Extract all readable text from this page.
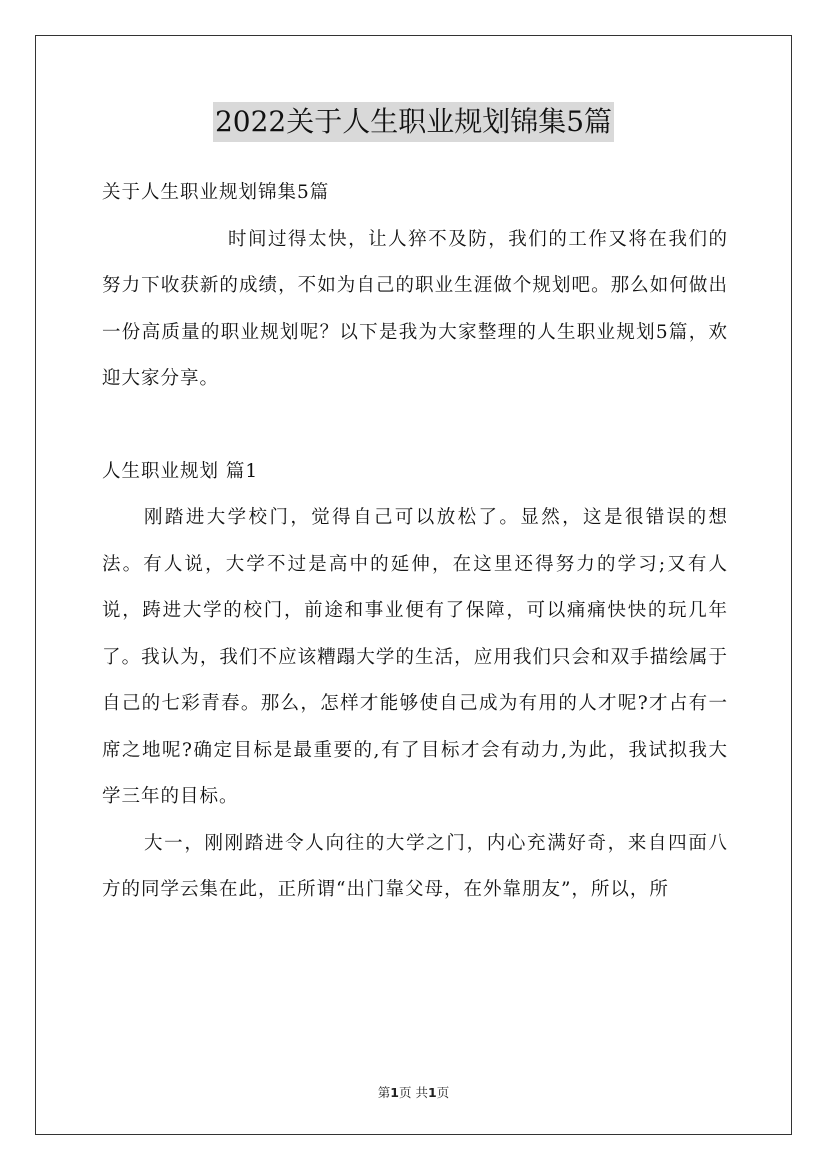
2022关于人生职业规划锦集5篇

关于人生职业规划锦集5篇

时间过得太快，让人猝不及防，我们的工作又将在我们的努力下收获新的成绩，不如为自己的职业生涯做个规划吧。那么如何做出一份高质量的职业规划呢？以下是我为大家整理的人生职业规划5篇，欢迎大家分享。

人生职业规划 篇1

刚踏进大学校门，觉得自己可以放松了。显然，这是很错误的想法。有人说，大学不过是高中的延伸，在这里还得努力的学习;又有人说，踌进大学的校门，前途和事业便有了保障，可以痛痛快快的玩几年了。我认为，我们不应该糟蹋大学的生活，应用我们只会和双手描绘属于自己的七彩青春。那么，怎样才能够使自己成为有用的人才呢?才占有一席之地呢?确定目标是最重要的,有了目标才会有动力,为此，我试拟我大学三年的目标。

大一，刚刚踏进令人向往的大学之门，内心充满好奇，来自四面八方的同学云集在此，正所谓“出门靠父母，在外靠朋友”，所以，所

第1页 共1页
